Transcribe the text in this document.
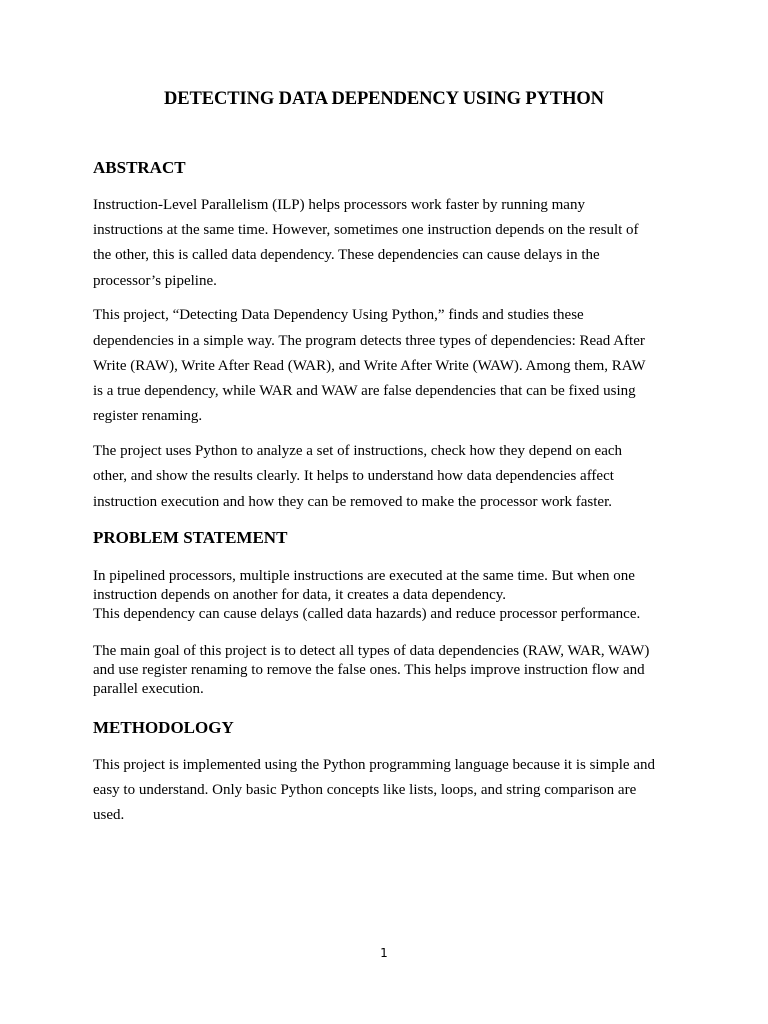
DETECTING DATA DEPENDENCY USING PYTHON
ABSTRACT
Instruction-Level Parallelism (ILP) helps processors work faster by running many
instructions at the same time. However, sometimes one instruction depends on the result of
the other, this is called data dependency. These dependencies can cause delays in the
processor’s pipeline.
This project, “Detecting Data Dependency Using Python,” finds and studies these
dependencies in a simple way. The program detects three types of dependencies: Read After
Write (RAW), Write After Read (WAR), and Write After Write (WAW). Among them, RAW
is a true dependency, while WAR and WAW are false dependencies that can be fixed using
register renaming.
The project uses Python to analyze a set of instructions, check how they depend on each
other, and show the results clearly. It helps to understand how data dependencies affect
instruction execution and how they can be removed to make the processor work faster.
PROBLEM STATEMENT
In pipelined processors, multiple instructions are executed at the same time. But when one
instruction depends on another for data, it creates a data dependency.
This dependency can cause delays (called data hazards) and reduce processor performance.
The main goal of this project is to detect all types of data dependencies (RAW, WAR, WAW)
and use register renaming to remove the false ones. This helps improve instruction flow and
parallel execution.
METHODOLOGY
This project is implemented using the Python programming language because it is simple and
easy to understand. Only basic Python concepts like lists, loops, and string comparison are
used.
1
